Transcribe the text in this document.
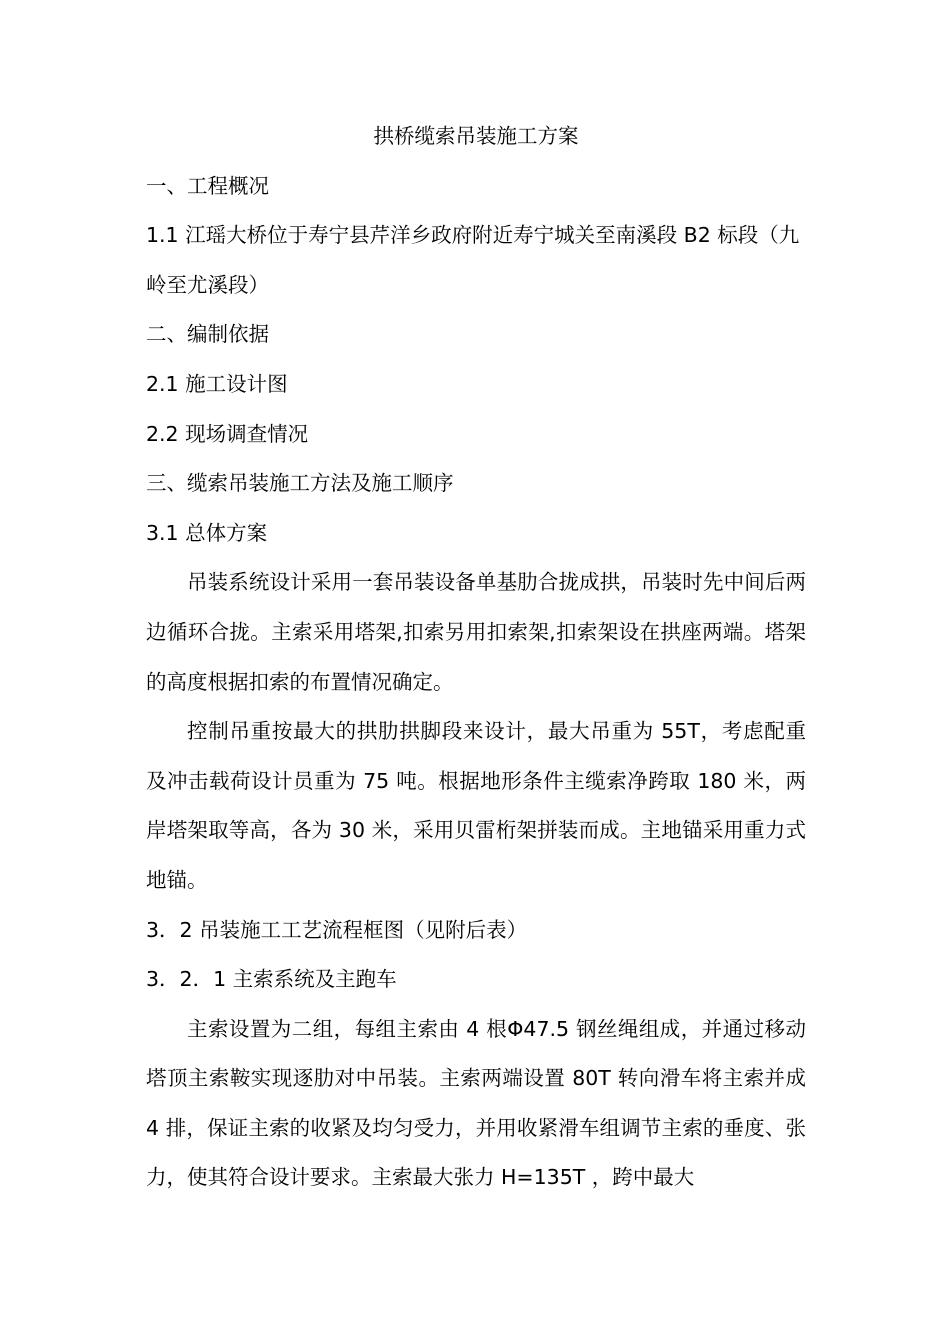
拱桥缆索吊装施工方案

一、工程概况

1.1 江瑶大桥位于寿宁县芹洋乡政府附近寿宁城关至南溪段 B2 标段（九岭至尤溪段）

二、编制依据

2.1 施工设计图

2.2 现场调查情况

三、缆索吊装施工方法及施工顺序

3.1 总体方案

吊装系统设计采用一套吊装设备单基肋合拢成拱，吊装时先中间后两边循环合拢。主索采用塔架,扣索另用扣索架,扣索架设在拱座两端。塔架的高度根据扣索的布置情况确定。

控制吊重按最大的拱肋拱脚段来设计，最大吊重为 55T，考虑配重及冲击载荷设计员重为 75 吨。根据地形条件主缆索净跨取 180 米，两岸塔架取等高，各为 30 米，采用贝雷桁架拼装而成。主地锚采用重力式地锚。

3．2 吊装施工工艺流程框图（见附后表）

3．2．1 主索系统及主跑车

主索设置为二组，每组主索由 4 根Φ47.5 钢丝绳组成，并通过移动塔顶主索鞍实现逐肋对中吊装。主索两端设置 80T 转向滑车将主索并成 4 排，保证主索的收紧及均匀受力，并用收紧滑车组调节主索的垂度、张力，使其符合设计要求。主索最大张力 H=135T ，跨中最大
